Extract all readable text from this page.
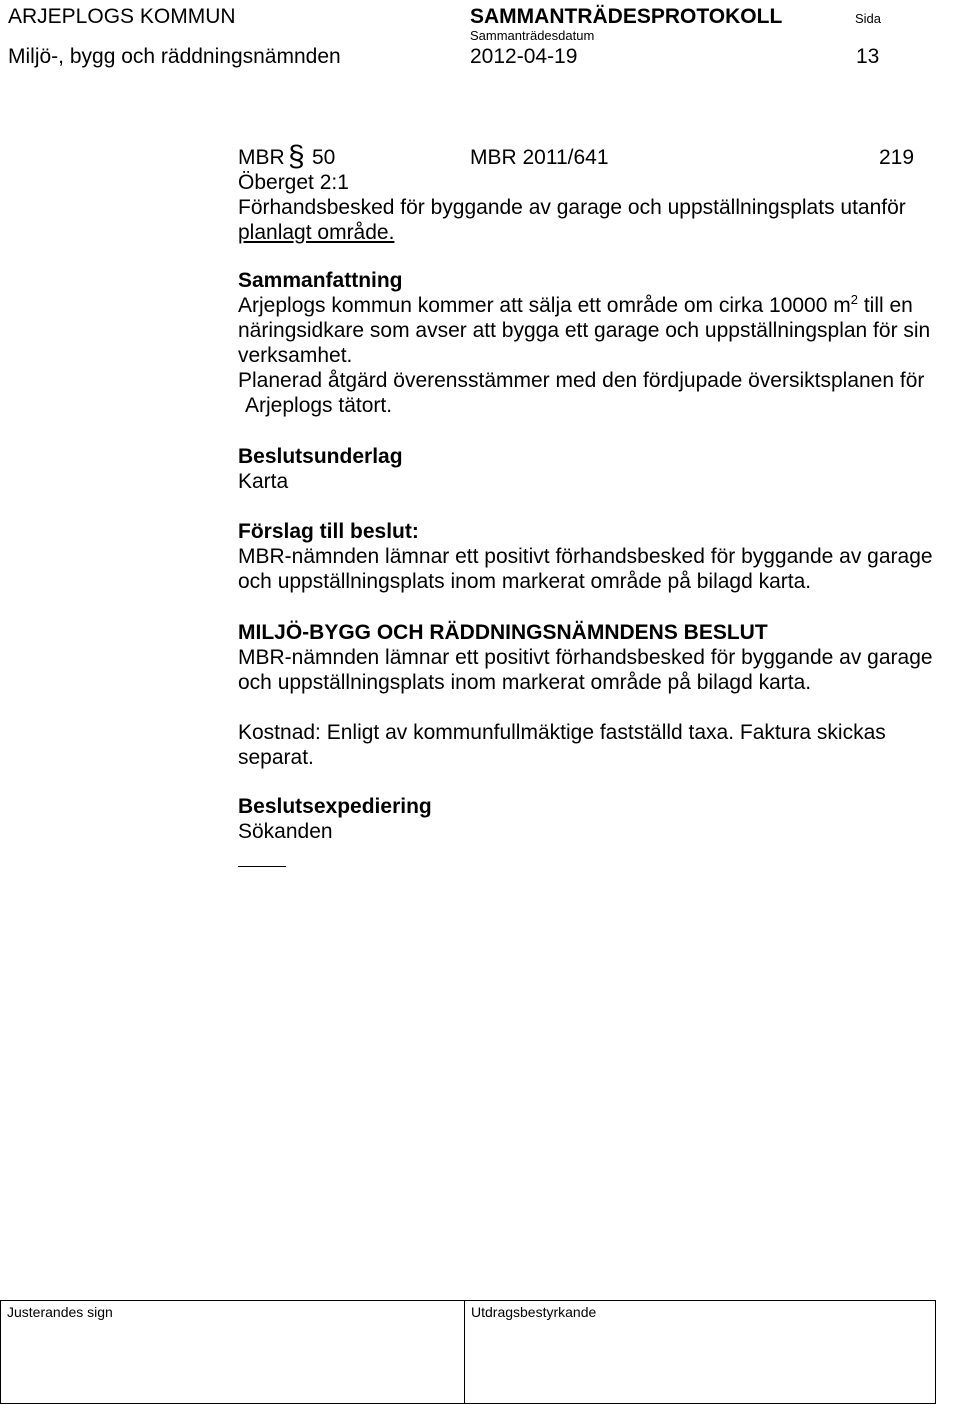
ARJEPLOGS KOMMUN	SAMMANTRÄDESPROTOKOLL	Sida
Sammanträdesdatum
Miljö-, bygg och räddningsnämnden	2012-04-19	13
MBR § 50	MBR 2011/641	219
Öberget 2:1
Förhandsbesked för byggande av garage och uppställningsplats utanför
planlagt område.
Sammanfattning
Arjeplogs kommun kommer att sälja ett område om cirka 10000 $m^2$ till en
näringsidkare som avser att bygga ett garage och uppställningsplan för sin
verksamhet.
Planerad åtgärd överensstämmer med den fördjupade översiktsplanen för
Arjeplogs tätort.
Beslutsunderlag
Karta
Förslag till beslut:
MBR-nämnden lämnar ett positivt förhandsbesked för byggande av garage
och uppställningsplats inom markerat område på bilagd karta.
MILJÖ-BYGG OCH RÄDDNINGSNÄMNDENS BESLUT
MBR-nämnden lämnar ett positivt förhandsbesked för byggande av garage
och uppställningsplats inom markerat område på bilagd karta.
Kostnad: Enligt av kommunfullmäktige fastställd taxa. Faktura skickas
separat.
Beslutsexpediering
Sökanden
Justerandes sign	Utdragsbestyrkande
